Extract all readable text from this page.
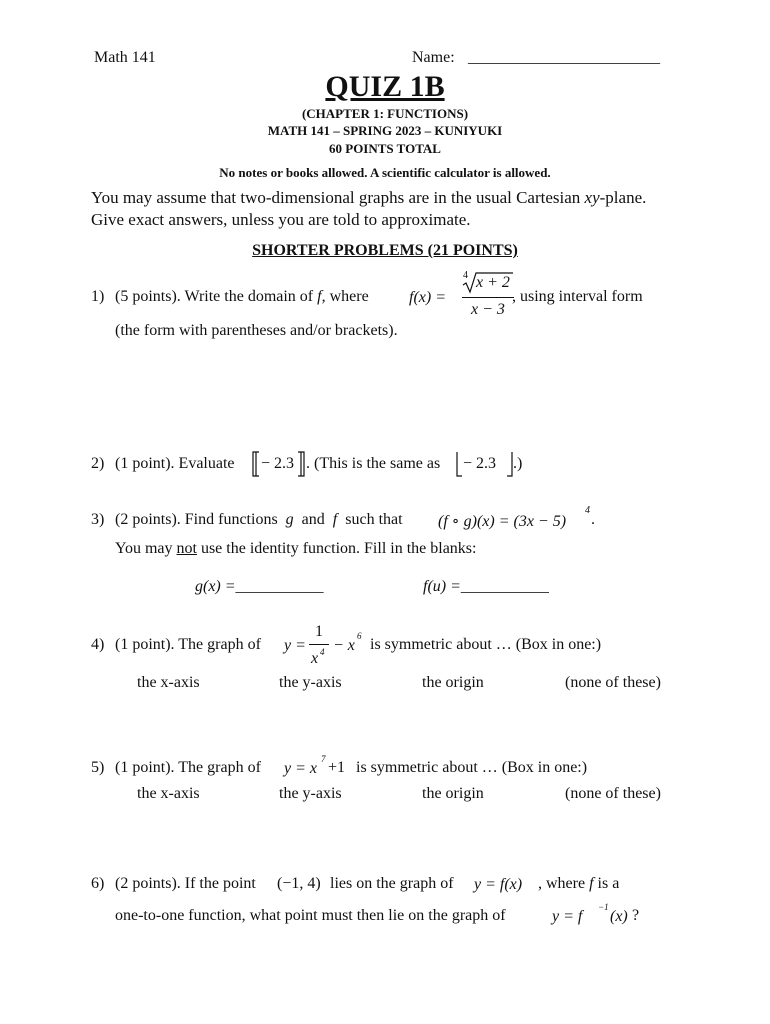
Math 141	Name: ________________________
QUIZ 1B
(CHAPTER 1: FUNCTIONS)
MATH 141 – SPRING 2023 – KUNIYUKI
60 POINTS TOTAL
No notes or books allowed. A scientific calculator is allowed.
You may assume that two-dimensional graphs are in the usual Cartesian xy-plane.
Give exact answers, unless you are told to approximate.
SHORTER PROBLEMS (21 POINTS)
1) (5 points). Write the domain of f, where	f(x) =
4 x + 2
x − 3
, using interval form
(the form with parentheses and/or brackets).
2) (1 point). Evaluate − 2.3 . (This is the same as − 2.3 .)
3) (2 points). Find functions g and f such that (f ∘ g)(x) = (3x − 5)
4
.
You may not use the identity function. Fill in the blanks:
g(x) =___________	f(u) =___________
4) (1 point). The graph of y =
1
x 4 − x
6 is symmetric about … (Box in one:)
the x-axis	the y-axis	the origin	(none of these)
5) (1 point). The graph of y = x
7 +1 is symmetric about … (Box in one:)
the x-axis	the y-axis	the origin	(none of these)
6) (2 points). If the point (−1, 4) lies on the graph of y = f(x) , where f is a
one-to-one function, what point must then lie on the graph of	y = f
−1
(x) ?
